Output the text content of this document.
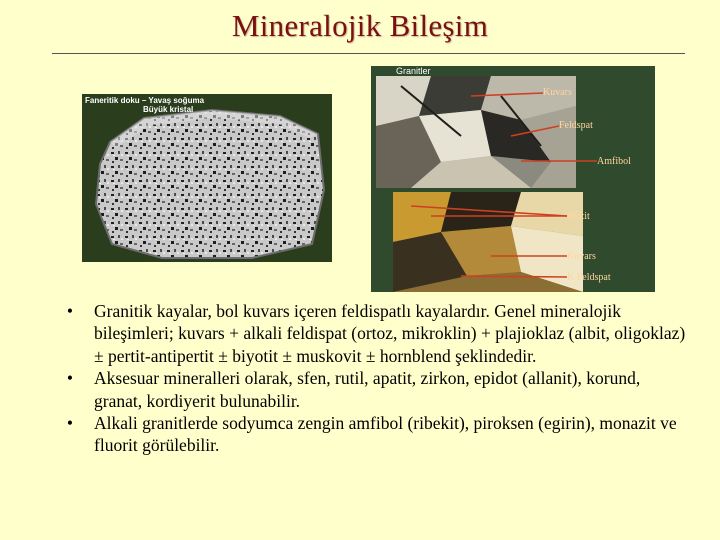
Mineralojik Bileşim
Faneritik doku – Yavaş soğuma
Büyük kristal
Kuvars
Feldspat
Amfibol
Biotit
Kuvars
K Feldspat
Granitler
•	Granitik kayalar, bol kuvars içeren feldispatlı kayalardır. Genel mineralojik bileşimleri; kuvars + alkali feldispat (ortoz, mikroklin) + plajioklaz (albit, oligoklaz) ± pertit-antipertit ± biyotit ± muskovit ± hornblend şeklindedir.
•	Aksesuar mineralleri olarak, sfen, rutil, apatit, zirkon, epidot (allanit), korund, granat, kordiyerit bulunabilir.
•	Alkali granitlerde sodyumca zengin amfibol (ribekit), piroksen (egirin), monazit ve fluorit görülebilir.
